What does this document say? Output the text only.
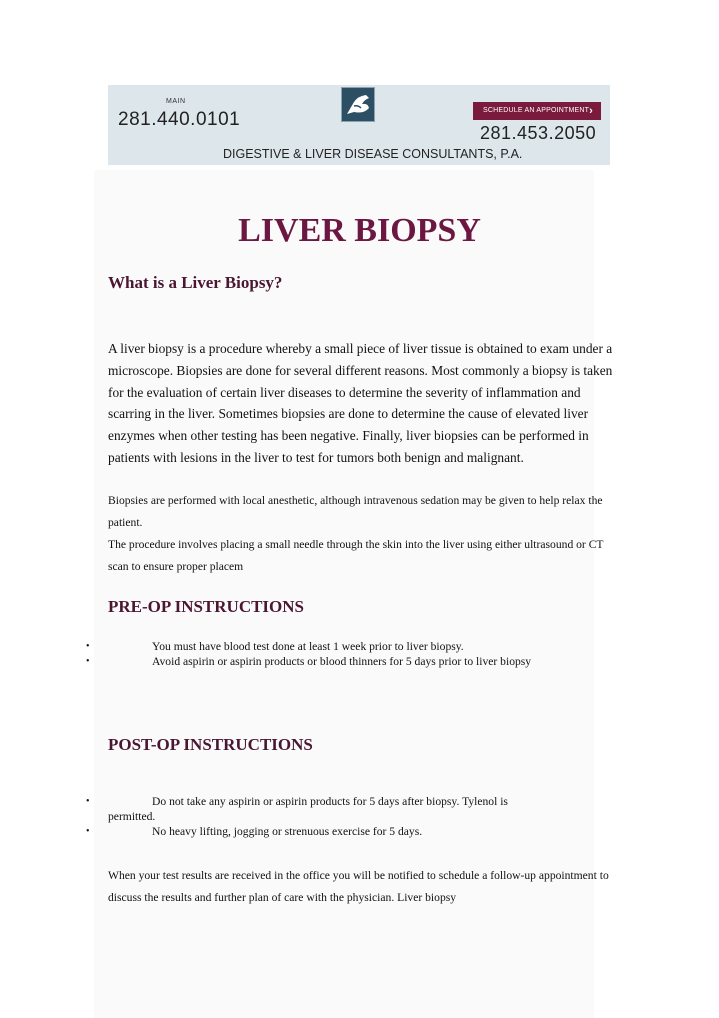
MAIN
281.440.0101	SCHEDULE AN APPOINTMENT ›
281.453.2050
DIGESTIVE & LIVER DISEASE CONSULTANTS, P.A.
LIVER BIOPSY
What is a Liver Biopsy?

A liver biopsy is a procedure whereby a small piece of liver tissue is obtained to exam under a microscope. Biopsies are done for several different reasons. Most commonly a biopsy is taken for the evaluation of certain liver diseases to determine the severity of inflammation and scarring in the liver. Sometimes biopsies are done to determine the cause of elevated liver enzymes when other testing has been negative. Finally, liver biopsies can be performed in patients with lesions in the liver to test for tumors both benign and malignant.

Biopsies are performed with local anesthetic, although intravenous sedation may be given to help relax the patient.

The procedure involves placing a small needle through the skin into the liver using either ultrasound or CT scan to ensure proper placem

PRE-OP INSTRUCTIONS
•	You must have blood test done at least 1 week prior to liver biopsy.
•	Avoid aspirin or aspirin products or blood thinners for 5 days prior to liver biopsy
POST-OP INSTRUCTIONS
•	Do not take any aspirin or aspirin products for 5 days after biopsy. Tylenol is
permitted.
•	No heavy lifting, jogging or strenuous exercise for 5 days.

When your test results are received in the office you will be notified to schedule a follow-up appointment to discuss the results and further plan of care with the physician. Liver biopsy
